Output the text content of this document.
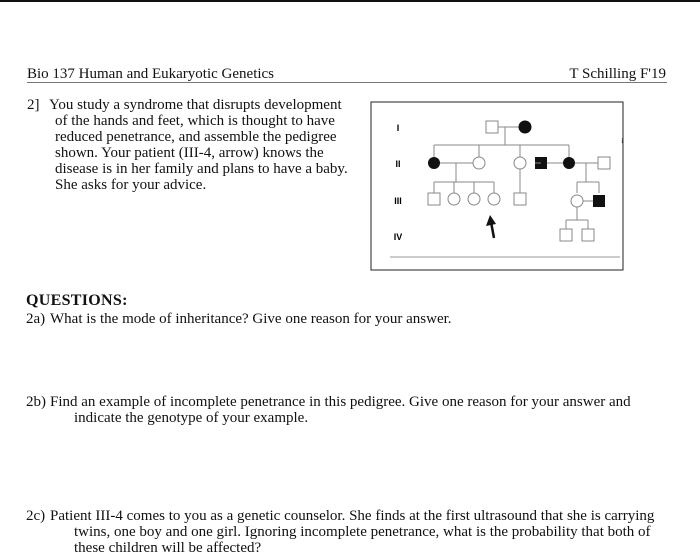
Bio 137 Human and Eukaryotic Genetics	T Schilling F'19
2] You study a syndrome that disrupts development of the hands and feet, which is thought to have reduced penetrance, and assemble the pedigree shown. Your patient (III-4, arrow) knows the disease is in her family and plans to have a baby. She asks for your advice.
I
II
III
IV
¡
QUESTIONS:
2a) What is the mode of inheritance? Give one reason for your answer.
2b) Find an example of incomplete penetrance in this pedigree. Give one reason for your answer and indicate the genotype of your example.
2c) Patient III-4 comes to you as a genetic counselor. She finds at the first ultrasound that she is carrying twins, one boy and one girl. Ignoring incomplete penetrance, what is the probability that both of these children will be affected?
